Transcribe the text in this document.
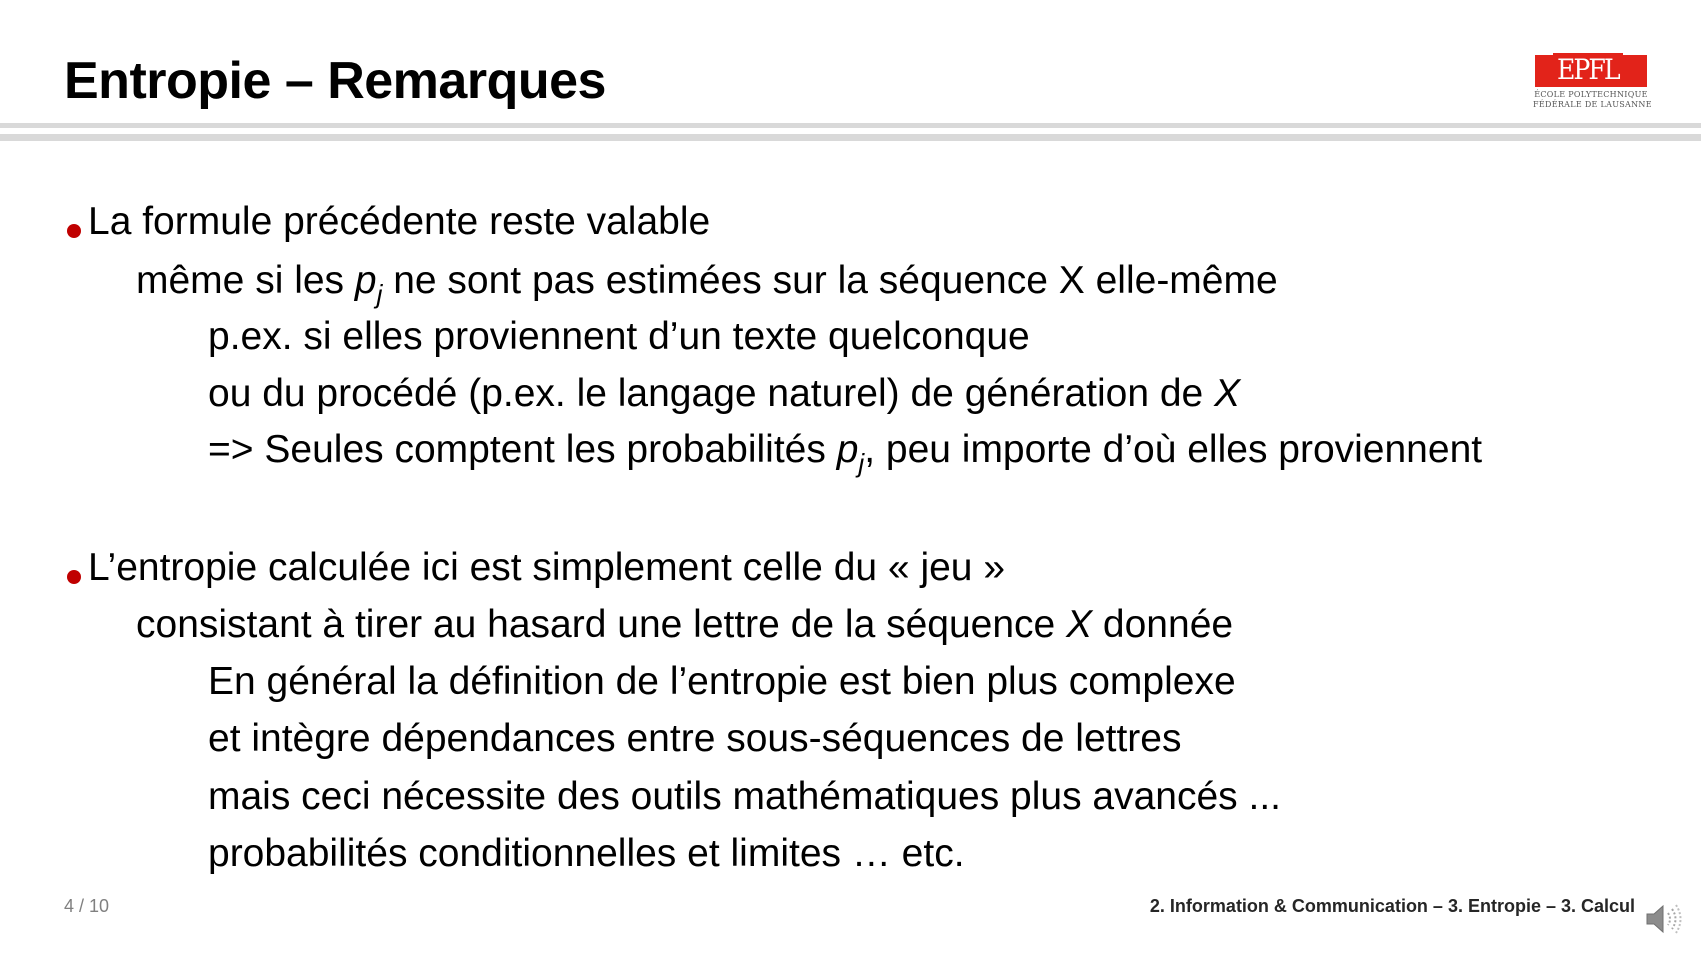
Entropie – Remarques	EPFL
ÉCOLE POLYTECHNIQUE
FÉDÉRALE DE LAUSANNE
La formule précédente reste valable
même si les $p_j$ ne sont pas estimées sur la séquence X elle-même
p.ex. si elles proviennent d’un texte quelconque
ou du procédé (p.ex. le langage naturel) de génération de X
=> Seules comptent les probabilités $p_j$, peu importe d’où elles proviennent
L’entropie calculée ici est simplement celle du « jeu »
consistant à tirer au hasard une lettre de la séquence X donnée
En général la définition de l’entropie est bien plus complexe
et intègre dépendances entre sous-séquences de lettres
mais ceci nécessite des outils mathématiques plus avancés ...
probabilités conditionnelles et limites … etc.
4 / 10	2. Information & Communication – 3. Entropie – 3. Calcul
